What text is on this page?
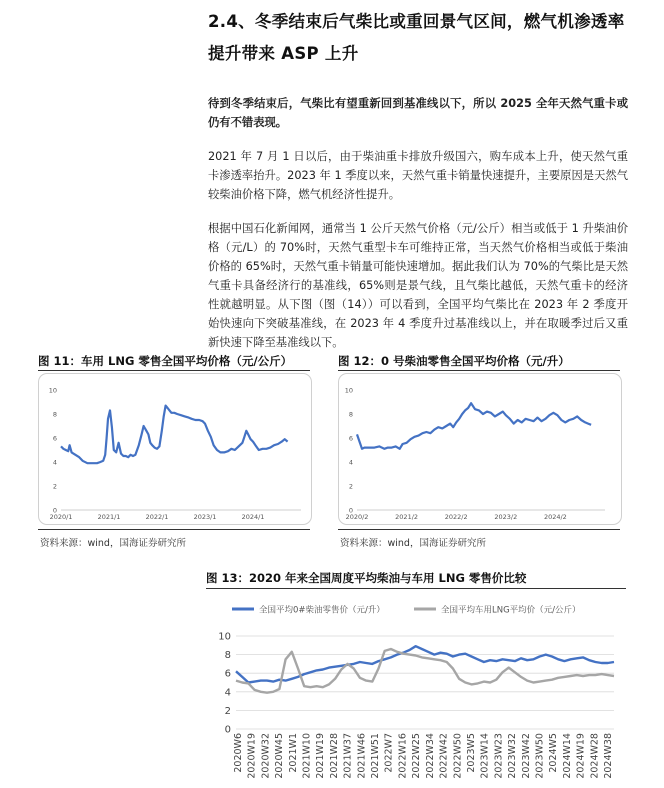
2.4、冬季结束后气柴比或重回景气区间，燃气机渗透率提升带来 ASP 上升
待到冬季结束后，气柴比有望重新回到基准线以下，所以 2025 全年天然气重卡或仍有不错表现。
2021 年 7 月 1 日以后，由于柴油重卡排放升级国六，购车成本上升，使天然气重卡渗透率抬升。2023 年 1 季度以来，天然气重卡销量快速提升，主要原因是天然气较柴油价格下降，燃气机经济性提升。
根据中国石化新闻网，通常当 1 公斤天然气价格（元/公斤）相当或低于 1 升柴油价格（元/L）的 70%时，天然气重型卡车可维持正常，当天然气价格相当或低于柴油价格的 65%时，天然气重卡销量可能快速增加。据此我们认为 70%的气柴比是天然气重卡具备经济行的基准线，65%则是景气线，且气柴比越低，天然气重卡的经济性就越明显。从下图（图（14））可以看到，全国平均气柴比在 2023 年 2 季度开始快速向下突破基准线，在 2023 年 4 季度升过基准线以上，并在取暖季过后又重新快速下降至基准线以下。
图 11：车用 LNG 零售全国平均价格（元/公斤）
0
2
4
6
8
10
2020/1	2021/1	2022/1	2023/1	2024/1
资料来源：wind，国海证券研究所
图 12：0 号柴油零售全国平均价格（元/升）
0
2
4
6
8
10
2020/2	2021/2	2022/2	2023/2	2024/2
资料来源：wind，国海证券研究所
图 13：2020 年来全国周度平均柴油与车用 LNG 零售价比较
全国平均0#柴油零售价（元/升）	全国平均车用LNG平均价（元/公斤）
0
2
4
6
8
10
2020W6 2020W19 2020W32 2020W45 2021W1 2021W10 2021W19 2021W28 2021W37 2021W46 2021W51 2022W7 2022W16 2022W25 2022W34 2022W42 2022W50 2023W5 2023W14 2023W23 2023W32 2023W42 2023W50 2024W5 2024W14 2024W19 2024W28 2024W38
